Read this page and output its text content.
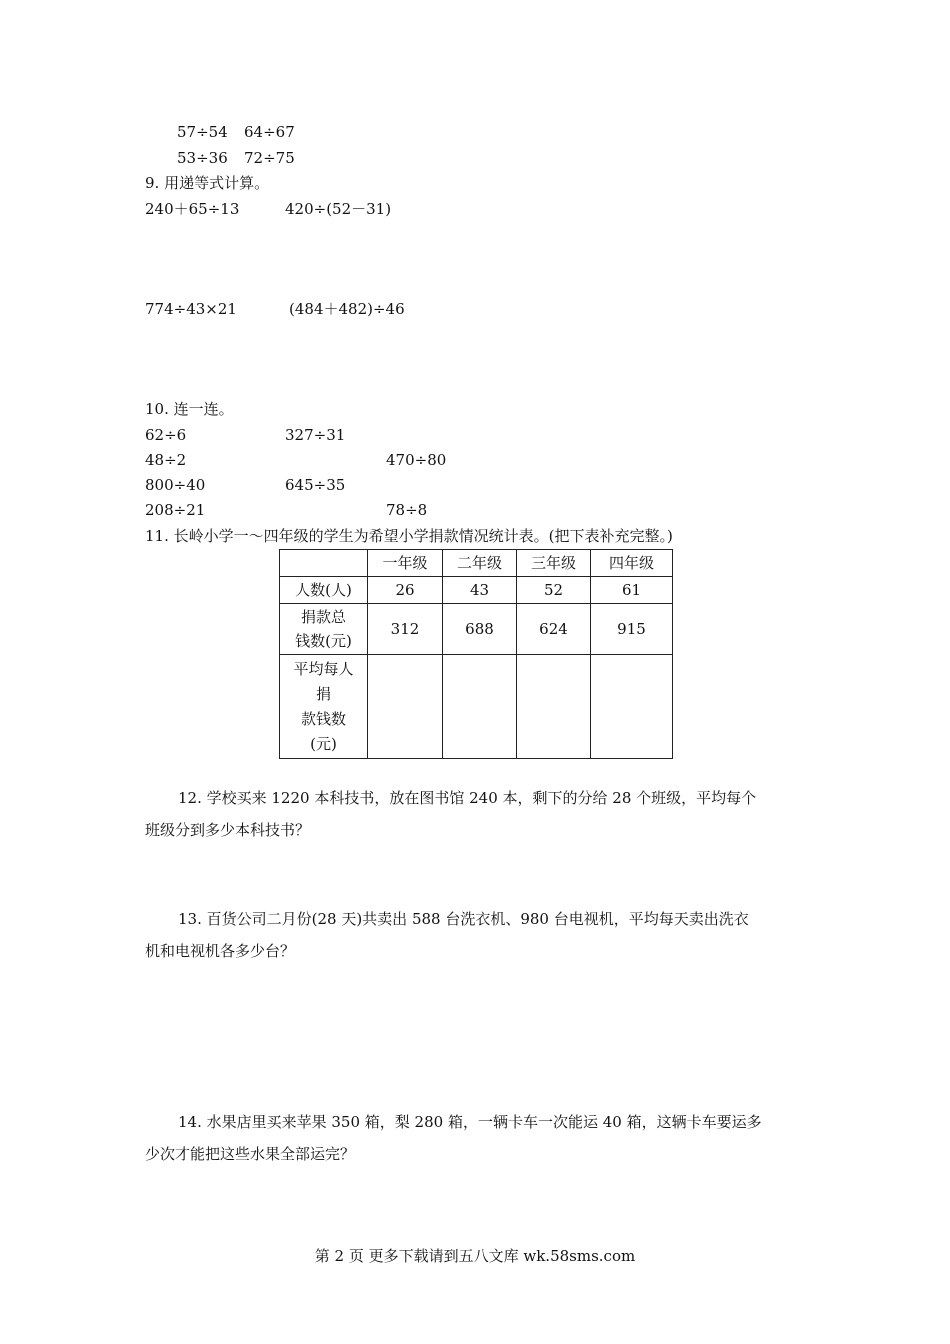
57÷54 64÷67
53÷36 72÷75
9. 用递等式计算。
240＋65÷13	420÷(52－31)
774÷43×21	(484＋482)÷46
10. 连一连。
62÷6	327÷31
48÷2	470÷80
800÷40	645÷35
208÷21	78÷8
11. 长岭小学一～四年级的学生为希望小学捐款情况统计表。(把下表补充完整。)
	一年级	二年级	三年级	四年级
人数(人)	26	43	52	61

捐款总
钱数(元)	312	688	624	915

平均每人
捐
款钱数
(元)				

12. 学校买来 1220 本科技书，放在图书馆 240 本，剩下的分给 28 个班级，平均每个
班级分到多少本科技书？
13. 百货公司二月份(28 天)共卖出 588 台洗衣机、980 台电视机，平均每天卖出洗衣
机和电视机各多少台？
14. 水果店里买来苹果 350 箱，梨 280 箱，一辆卡车一次能运 40 箱，这辆卡车要运多
少次才能把这些水果全部运完？
第 2 页 更多下载请到五八文库 wk.58sms.com
